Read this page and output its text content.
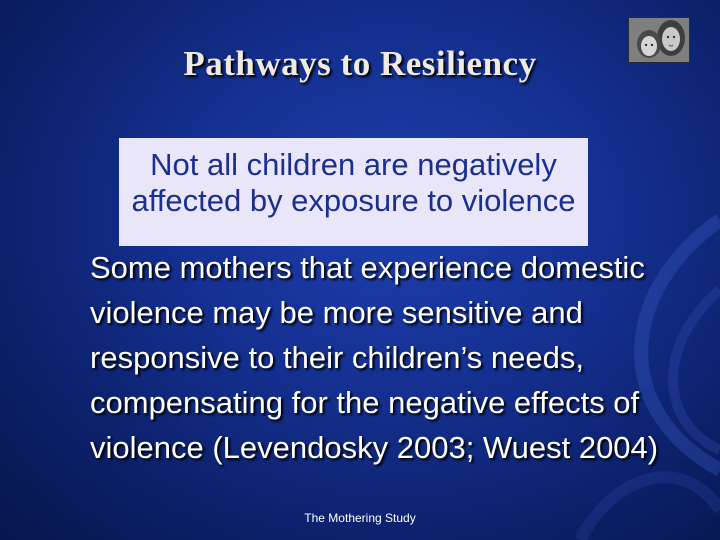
Pathways to Resiliency
Not all children are negatively affected by exposure to violence
Some mothers that experience domestic violence may be more sensitive and responsive to their children’s needs, compensating for the negative effects of violence (Levendosky 2003; Wuest 2004)
The Mothering Study
